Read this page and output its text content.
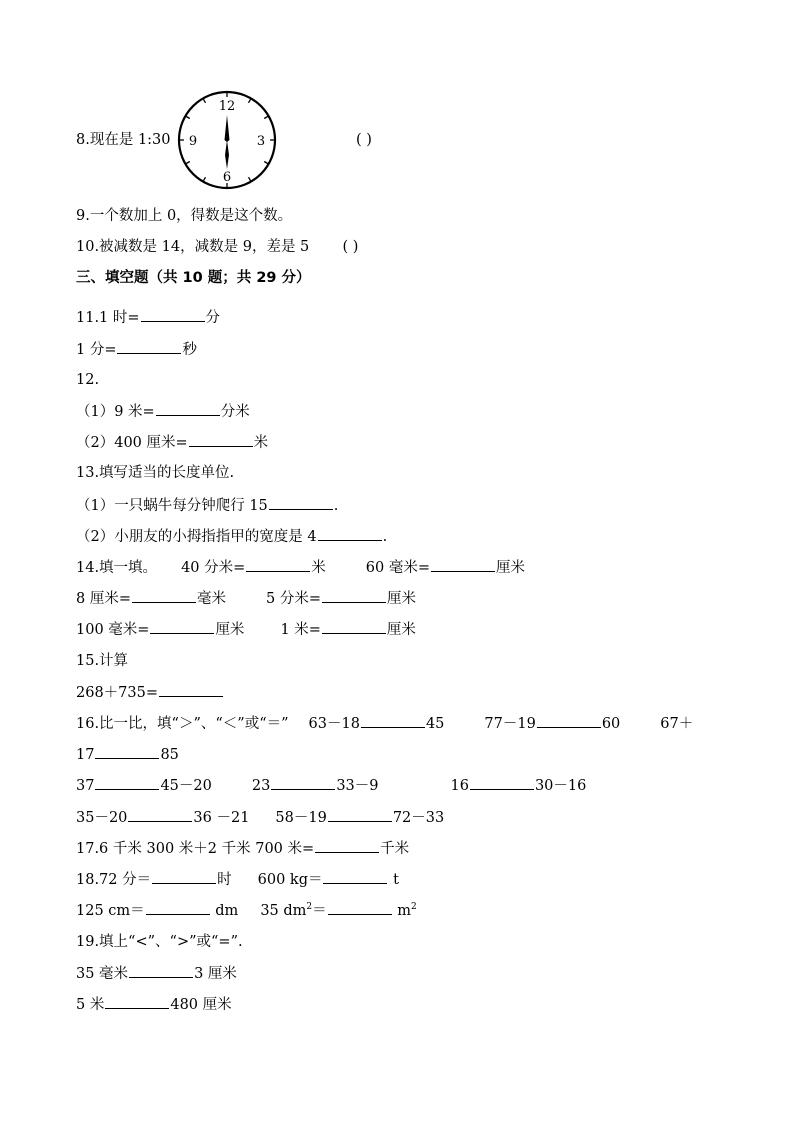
8.现在是 1:30
12
3
6
9	( )
9.一个数加上 0，得数是这个数。
10.被减数是 14，减数是 9，差是 5 ( )
三、填空题（共 10 题；共 29 分）
11.1 时=	分
1 分=	秒
12.
（1）9 米=	分米
（2）400 厘米=	米
13.填写适当的长度单位.
（1）一只蜗牛每分钟爬行 15	.
（2）小朋友的小拇指指甲的宽度是 4	.
14.填一填。 40 分米=	米	60 毫米=	厘米
8 厘米=	毫米	5 分米=	厘米
100 毫米=	厘米 1 米=	厘米
15.计算
268＋735=
16.比一比，填“＞”、“＜”或“＝” 63－18	45	77－19	60	67＋
17	85
37	45－20	23	33－9	16	30－16
35－20	36 －21 58－19	72－33
17.6 千米 300 米＋2 千米 700 米=	千米
18.72 分＝	时 600 kg＝	t
125 cm＝	dm 35 $dm^2=$	$m^2$
19.填上“<”、“>”或“=”.
35 毫米	3 厘米
5 米	480 厘米
